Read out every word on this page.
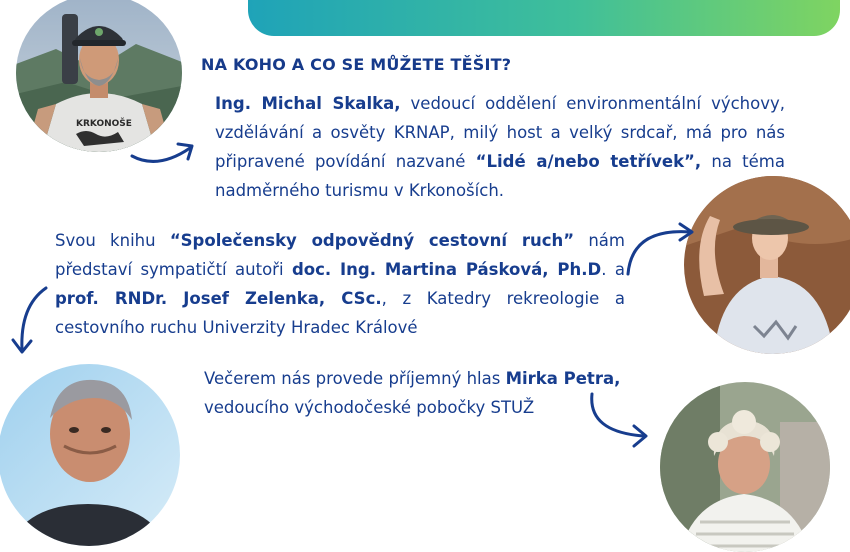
KRKONOŠE
NA KOHO A CO SE MŮŽETE TĚŠIT?
Ing. Michal Skalka, vedoucí oddělení environmentální výchovy, vzdělávání a osvěty KRNAP, milý host a velký srdcař, má pro nás připravené povídání nazvané “Lidé a/nebo tetřívek”, na téma nadměrného turismu v Krkonoších.
Svou knihu “Společensky odpovědný cestovní ruch” nám představí sympatičtí autoři doc. Ing. Martina Pásková, Ph.D. a prof. RNDr. Josef Zelenka, CSc., z Katedry rekreologie a cestovního ruchu Univerzity Hradec Králové
Večerem nás provede příjemný hlas Mirka Petra, vedoucího východočeské pobočky STUŽ
